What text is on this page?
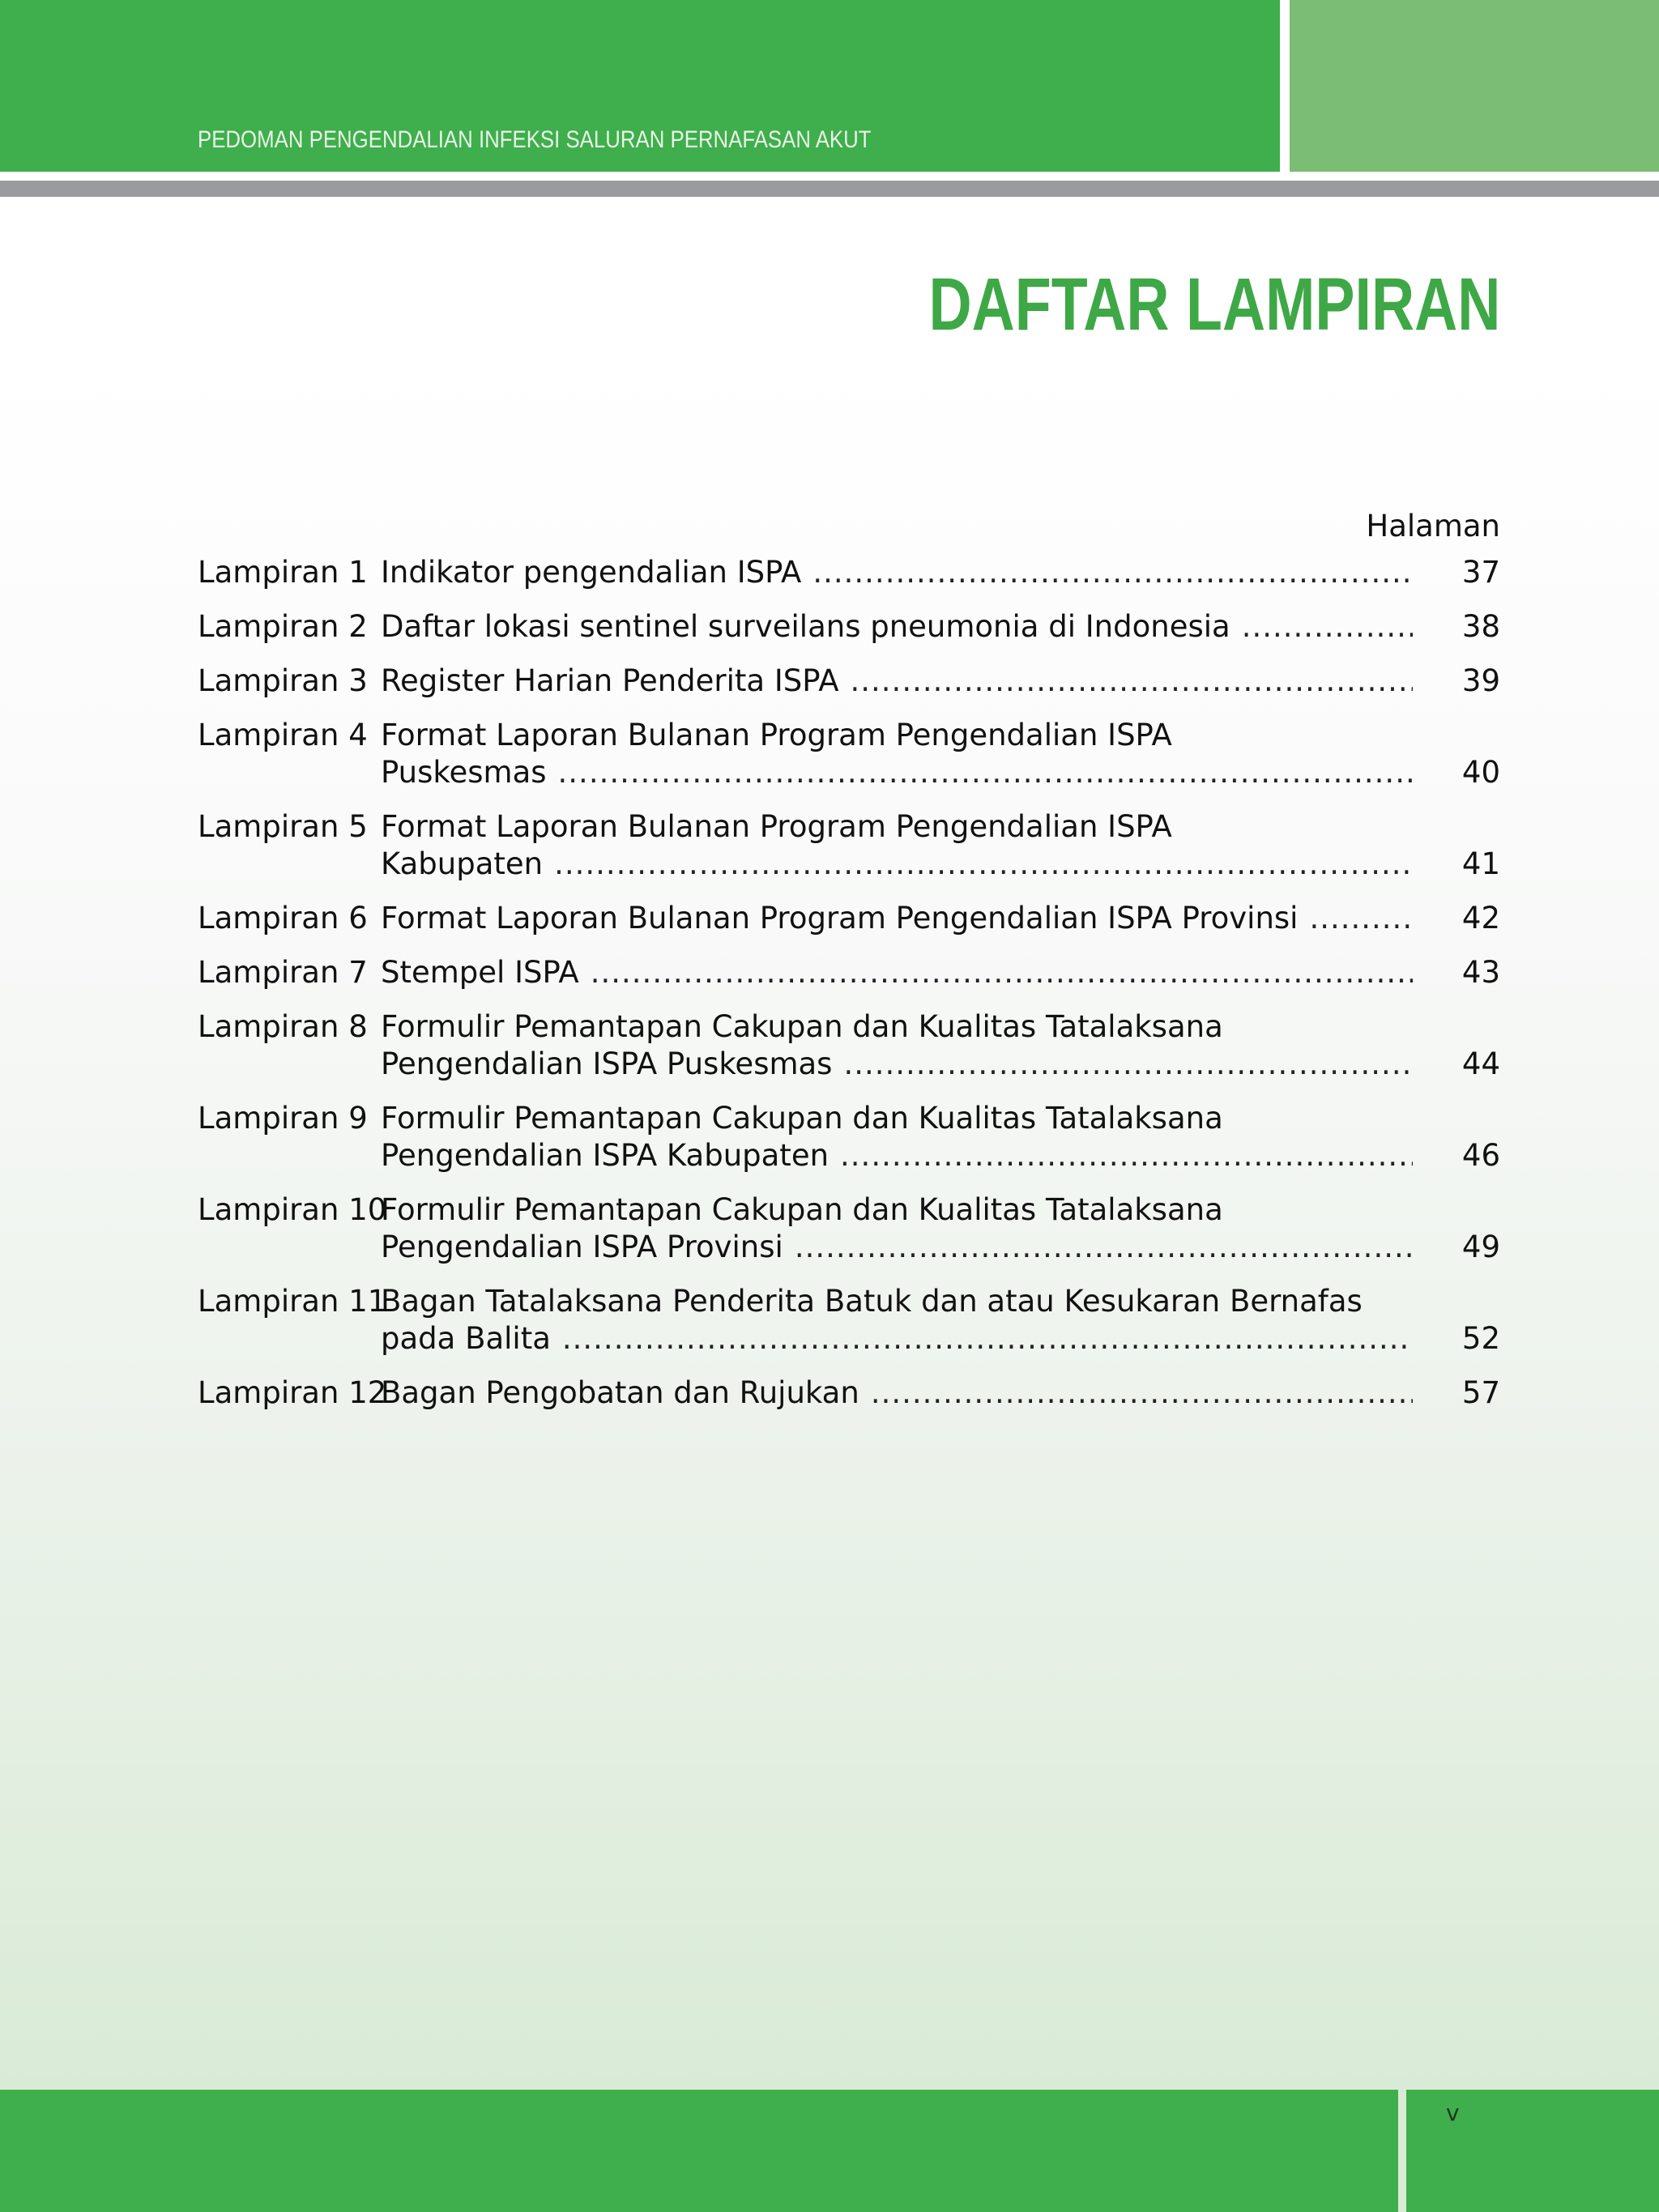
PEDOMAN PENGENDALIAN INFEKSI SALURAN PERNAFASAN AKUT
DAFTAR LAMPIRAN
Halaman
Lampiran 1 Indikator pengendalian ISPA .....	37
Lampiran 2 Daftar lokasi sentinel surveilans pneumonia di Indonesia .....	38
Lampiran 3 Register Harian Penderita ISPA .....	39
Lampiran 4 Format Laporan Bulanan Program Pengendalian ISPA
Puskesmas .....	40
Lampiran 5 Format Laporan Bulanan Program Pengendalian ISPA
Kabupaten .....	41
Lampiran 6 Format Laporan Bulanan Program Pengendalian ISPA Provinsi .....	42
Lampiran 7 Stempel ISPA .....	43
Lampiran 8 Formulir Pemantapan Cakupan dan Kualitas Tatalaksana
Pengendalian ISPA Puskesmas .....	44
Lampiran 9 Formulir Pemantapan Cakupan dan Kualitas Tatalaksana
Pengendalian ISPA Kabupaten .....	46
Lampiran 10
Formulir Pemantapan Cakupan dan Kualitas Tatalaksana
Pengendalian ISPA Provinsi .....	49
Lampiran 11
Bagan Tatalaksana Penderita Batuk dan atau Kesukaran Bernafas
pada Balita .....	52
Lampiran 12
Bagan Pengobatan dan Rujukan .....	57
v
